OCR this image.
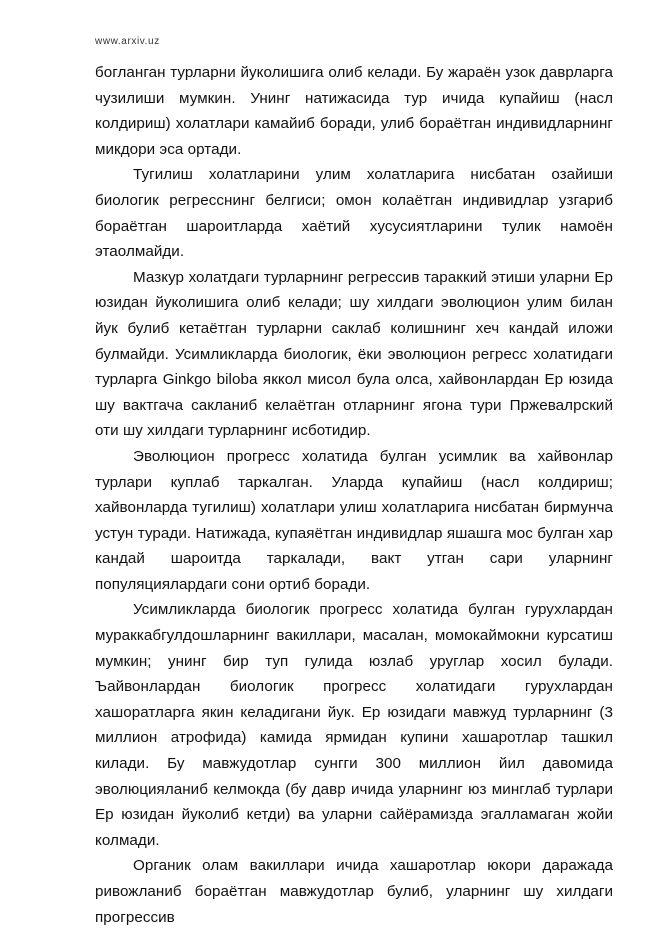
www.arxiv.uz

богланган турларни йуколишига олиб келади. Бу жараён узок даврларга чузилиши мумкин. Унинг натижасида тур ичида купайиш (насл колдириш) холатлари камайиб боради, улиб бораётган индивидларнинг микдори эса ортади.

Тугилиш холатларини улим холатларига нисбатан озайиши биологик регресснинг белгиси; омон колаётган индивидлар узгариб бораётган шароитларда хаётий хусусиятларини тулик намоён этаолмайди.

Мазкур холатдаги турларнинг регрессив тараккий этиши уларни Ер юзидан йуколишига олиб келади; шу хилдаги эволюцион улим билан йук булиб кетаётган турларни саклаб колишнинг хеч кандай иложи булмайди. Усимликларда биологик, ёки эволюцион регресс холатидаги турларга Ginkgo bilobа яккол мисол була олса, хайвонлардан Ер юзида шу вактгача сакланиб келаётган отларнинг ягона тури Пржевалрский оти шу хилдаги турларнинг исботидир.

Эволюцион прогресс холатида булган усимлик ва хайвонлар турлари куплаб таркалган. Уларда купайиш (насл колдириш; хайвонларда тугилиш) холатлари улиш холатларига нисбатан бирмунча устун туради. Натижада, купаяётган индивидлар яшашга мос булган хар кандай шароитда таркалади, вакт утган сари уларнинг популяциялардаги сони ортиб боради.

Усимликларда биологик прогресс холатида булган гурухлардан мураккабгулдошларнинг вакиллари, масалан, момокаймокни курсатиш мумкин; унинг бир туп гулида юзлаб уруглар хосил булади. Ъайвонлардан биологик прогресс холатидаги гурухлардан хашоратларга якин келадигани йук. Ер юзидаги мавжуд турларнинг (3 миллион атрофида) камида ярмидан купини хашаротлар ташкил килади. Бу мавжудотлар сунгги 300 миллион йил давомида эволюцияланиб келмокда (бу давр ичида уларнинг юз минглаб турлари Ер юзидан йуколиб кетди) ва уларни сайёрамизда эгалламаган жойи колмади.

Органик олам вакиллари ичида хашаротлар юкори даражада ривожланиб бораётган мавжудотлар булиб, уларнинг шу хилдаги прогрессив
